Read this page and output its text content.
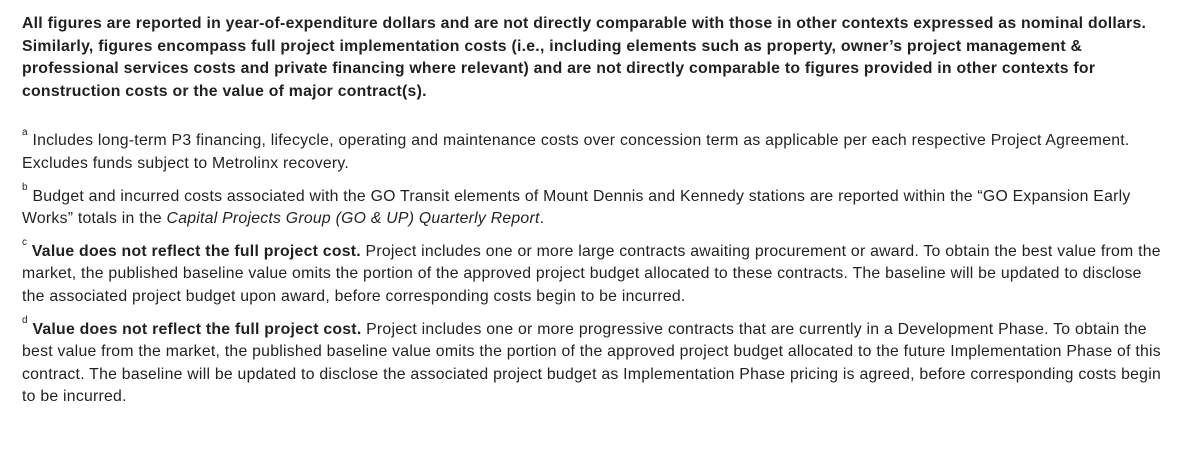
All figures are reported in year-of-expenditure dollars and are not directly comparable with those in other contexts expressed as nominal dollars. Similarly, figures encompass full project implementation costs (i.e., including elements such as property, owner’s project management & professional services costs and private financing where relevant) and are not directly comparable to figures provided in other contexts for construction costs or the value of major contract(s).

$^a$ Includes long-term P3 financing, lifecycle, operating and maintenance costs over concession term as applicable per each respective Project Agreement. Excludes funds subject to Metrolinx recovery.

$^b$ Budget and incurred costs associated with the GO Transit elements of Mount Dennis and Kennedy stations are reported within the “GO Expansion Early Works” totals in the Capital Projects Group (GO & UP) Quarterly Report.

$^c$ Value does not reflect the full project cost. Project includes one or more large contracts awaiting procurement or award. To obtain the best value from the market, the published baseline value omits the portion of the approved project budget allocated to these contracts. The baseline will be updated to disclose the associated project budget upon award, before corresponding costs begin to be incurred.

$^d$ Value does not reflect the full project cost. Project includes one or more progressive contracts that are currently in a Development Phase. To obtain the best value from the market, the published baseline value omits the portion of the approved project budget allocated to the future Implementation Phase of this contract. The baseline will be updated to disclose the associated project budget as Implementation Phase pricing is agreed, before corresponding costs begin to be incurred.
